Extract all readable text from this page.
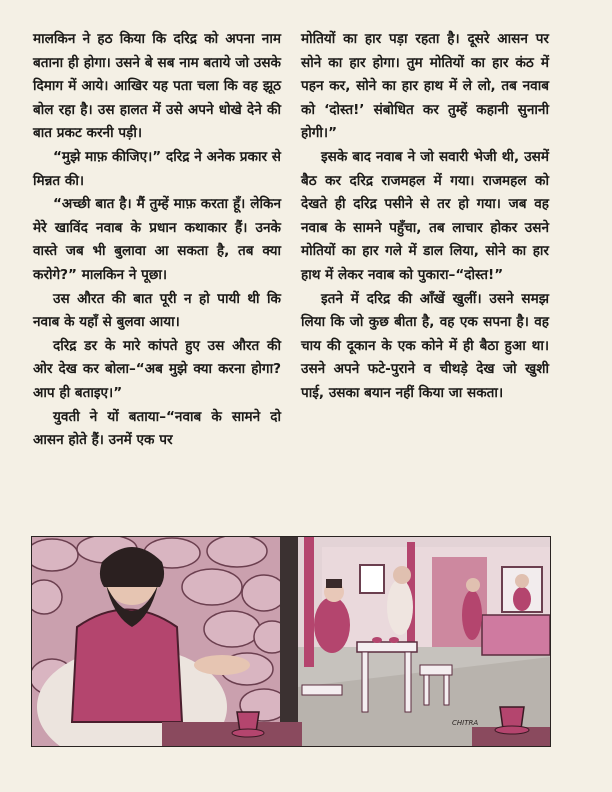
मालकिन ने हठ किया कि दरिद्र को अपना नाम बताना ही होगा। उसने बे सब नाम बताये जो उसके दिमाग में आये। आखिर यह पता चला कि वह झूठ बोल रहा है। उस हालत में उसे अपने धोखे देने की बात प्रकट करनी पड़ी।

“मुझे माफ़ कीजिए।” दरिद्र ने अनेक प्रकार से मिन्नत की।

“अच्छी बात है। मैं तुम्हें माफ़ करता हूँ। लेकिन मेरे खाविंद नवाब के प्रधान कथाकार हैं। उनके वास्ते जब भी बुलावा आ सकता है, तब क्या करोगे?” मालकिन ने पूछा।

उस औरत की बात पूरी न हो पायी थी कि नवाब के यहाँ से बुलवा आया।

दरिद्र डर के मारे कांपते हुए उस औरत की ओर देख कर बोला–“अब मुझे क्या करना होगा? आप ही बताइए।”

युवती ने यों बताया–“नवाब के सामने दो आसन होते हैं। उनमें एक पर

मोतियों का हार पड़ा रहता है। दूसरे आसन पर सोने का हार होगा। तुम मोतियों का हार कंठ में पहन कर, सोने का हार हाथ में ले लो, तब नवाब को ‘दोस्त!’ संबोधित कर तुम्हें कहानी सुनानी होगी।”

इसके बाद नवाब ने जो सवारी भेजी थी, उसमें बैठ कर दरिद्र राजमहल में गया। राजमहल को देखते ही दरिद्र पसीने से तर हो गया। जब वह नवाब के सामने पहुँचा, तब लाचार होकर उसने मोतियों का हार गले में डाल लिया, सोने का हार हाथ में लेकर नवाब को पुकारा–“दोस्त!”

इतने में दरिद्र की आँखें खुलीं। उसने समझ लिया कि जो कुछ बीता है, वह एक सपना है। वह चाय की दूकान के एक कोने में ही बैठा हुआ था। उसने अपने फटे-पुराने व चीथड़े देख जो खुशी पाई, उसका बयान नहीं किया जा सकता।

CHITRA
